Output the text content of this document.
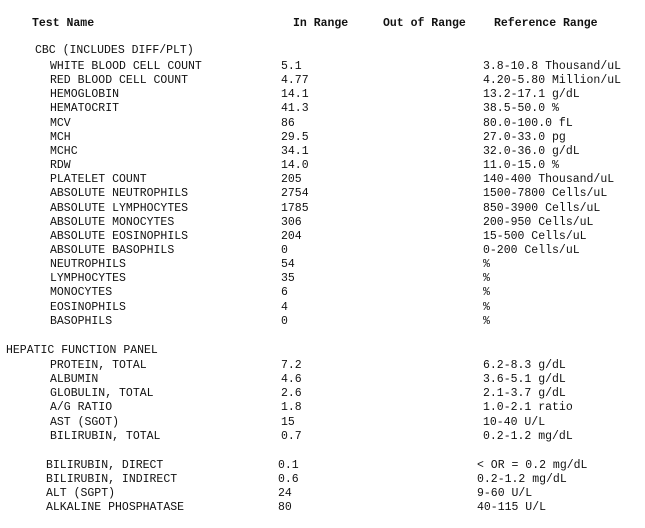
Test Name	In Range	Out of Range Reference Range
CBC (INCLUDES DIFF/PLT)
WHITE BLOOD CELL COUNT	5.1	3.8-10.8 Thousand/uL
RED BLOOD CELL COUNT	4.77	4.20-5.80 Million/uL
HEMOGLOBIN	14.1	13.2-17.1 g/dL
HEMATOCRIT	41.3	38.5-50.0 %
MCV	86	80.0-100.0 fL
MCH	29.5	27.0-33.0 pg
MCHC	34.1	32.0-36.0 g/dL
RDW	14.0	11.0-15.0 %
PLATELET COUNT	205	140-400 Thousand/uL
ABSOLUTE NEUTROPHILS	2754	1500-7800 Cells/uL
ABSOLUTE LYMPHOCYTES	1785	850-3900 Cells/uL
ABSOLUTE MONOCYTES	306	200-950 Cells/uL
ABSOLUTE EOSINOPHILS	204	15-500 Cells/uL
ABSOLUTE BASOPHILS	0	0-200 Cells/uL
NEUTROPHILS	54	%
LYMPHOCYTES	35	%
MONOCYTES	6	%
EOSINOPHILS	4	%
BASOPHILS	0	%
HEPATIC FUNCTION PANEL
PROTEIN, TOTAL	7.2	6.2-8.3 g/dL
ALBUMIN	4.6	3.6-5.1 g/dL
GLOBULIN, TOTAL	2.6	2.1-3.7 g/dL
A/G RATIO	1.8	1.0-2.1 ratio
AST (SGOT)	15	10-40 U/L
BILIRUBIN, TOTAL	0.7	0.2-1.2 mg/dL
BILIRUBIN, DIRECT	0.1	< OR = 0.2 mg/dL
BILIRUBIN, INDIRECT	0.6	0.2-1.2 mg/dL
ALT (SGPT)	24	9-60 U/L
ALKALINE PHOSPHATASE	80	40-115 U/L
